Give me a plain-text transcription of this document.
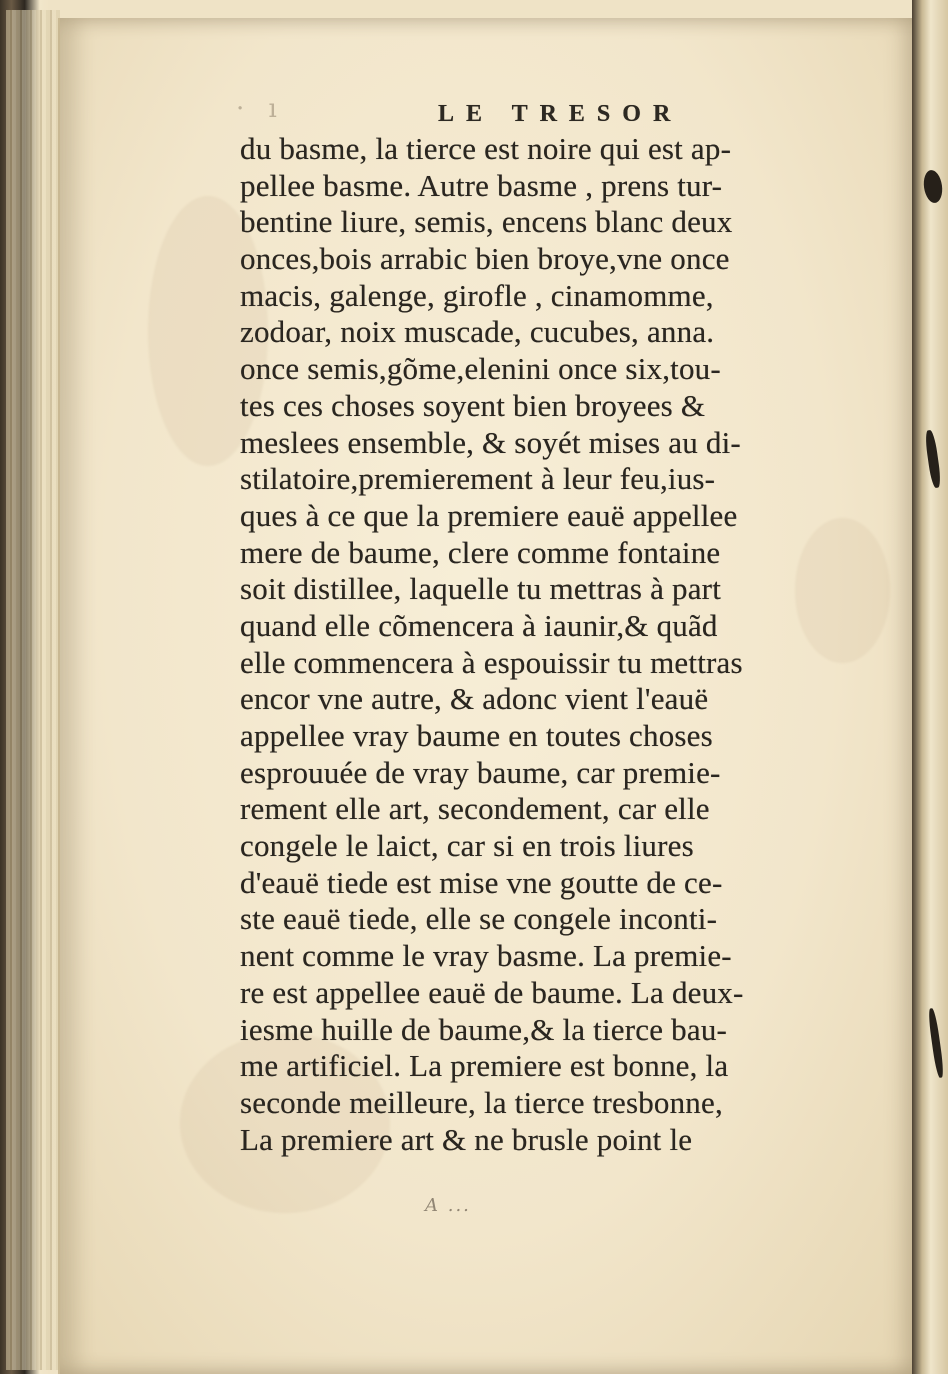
· ı	LE TRESOR
du basme, la tierce est noire qui est ap-
pellee basme. Autre basme , prens tur-
bentine liure, semis, encens blanc deux
onces,bois arrabic bien broye,vne once
macis, galenge, girofle , cinamomme,
zodoar, noix muscade, cucubes, anna.
once semis,gõme,elenini once six,tou-
tes ces choses soyent bien broyees &
meslees ensemble, & soyét mises au di-
stilatoire,premierement à leur feu,ius-
ques à ce que la premiere eauë appellee
mere de baume, clere comme fontaine
soit distillee, laquelle tu mettras à part
quand elle cõmencera à iaunir,& quãd
elle commencera à espouissir tu mettras
encor vne autre, & adonc vient l'eauë
appellee vray baume en toutes choses
esprouuée de vray baume, car premie-
rement elle art, secondement, car elle
congele le laict, car si en trois liures
d'eauë tiede est mise vne goutte de ce-
ste eauë tiede, elle se congele inconti-
nent comme le vray basme. La premie-
re est appellee eauë de baume. La deux-
iesme huille de baume,& la tierce bau-
me artificiel. La premiere est bonne, la
seconde meilleure, la tierce tresbonne,
La premiere art & ne brusle point le
A ...
